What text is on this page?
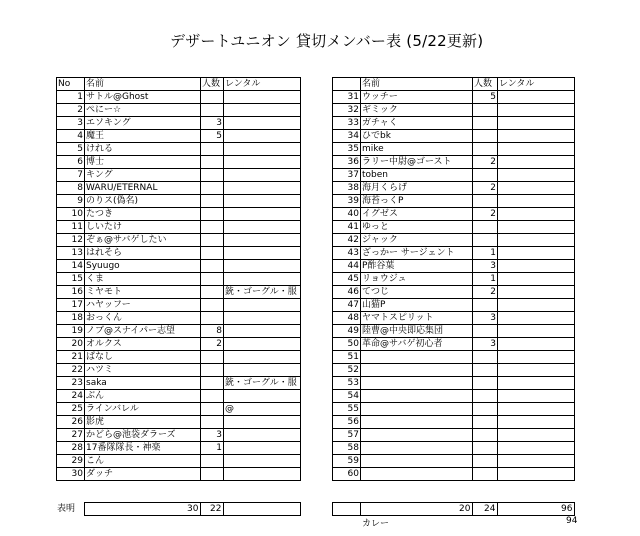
デザートユニオン 貸切メンバー表 (5/22更新)
No	名前	人数	レンタル			名前	人数	レンタル
1	サトル@Ghost				31	ウッチー	5	
2	ぺにー☆				32	ギミック		
3	エソキング	3			33	ガチャく		
4	魔王	5			34	ひでbk		
5	けれる				35	mike		
6	博士				36	ラリー中尉@ゴースト	2	
7	キング				37	toben		
8	WARU/ETERNAL				38	海月くらげ	2	
9	のりス(偽名)				39	海苔っくP		
10	たつき				40	イグゼス	2	
11	しいたけ				41	ゆっと		
12	ぞぁ@サバゲしたい				42	ジャック		
13	はれそら				43	ざっかー サージェント	1	
14	Syuugo				44	P酢谷葉	3	
15	くま				45	リョウジュ	1	
16	ミヤモト		銃・ゴーグル・服		46	てつじ	2	
17	ハヤッフー				47	山猫P		
18	おっくん				48	ヤマトスピリット	3	
19	ノブ@スナイパー志望	8			49	陸曹@中央即応集団		
20	オルクス	2			50	革命@サバゲ初心者	3	
21	ぱなし				51			
22	ハツミ				52			
23	saka		銃・ゴーグル・服		53			
24	ぶん				54			
25	ラインバレル		@		55			
26	影虎				56			
27	かどら@池袋ダラーズ	3			57			
28	17番隊隊長・神楽	1			58			
29	こん				59			
30	ダッチ				60			
表明	30	22				20	24	96
カレー	94
